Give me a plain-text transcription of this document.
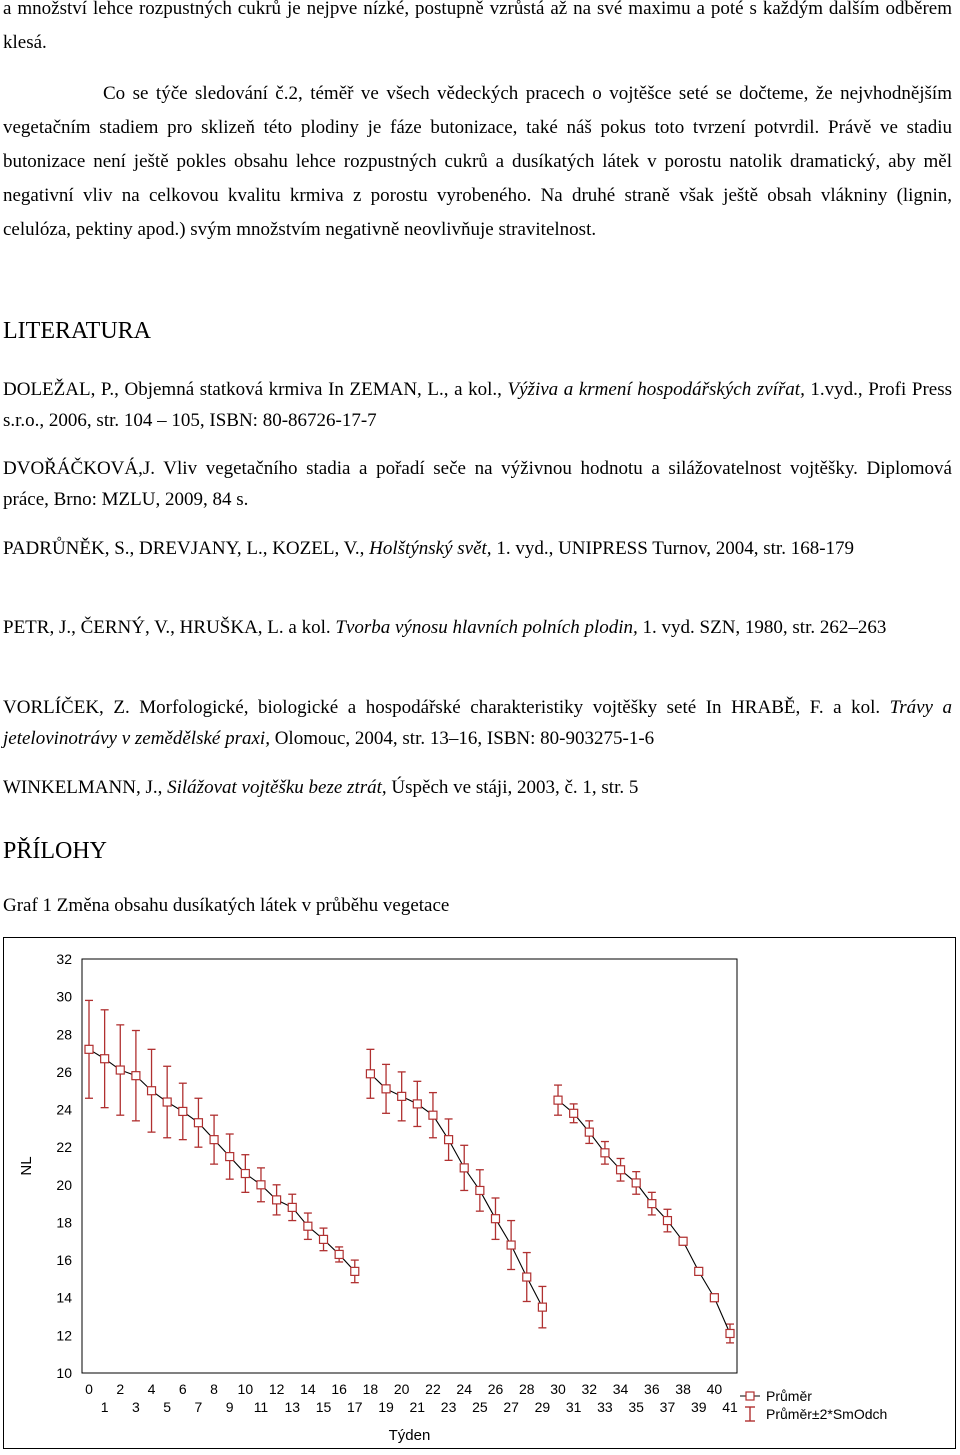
a množství lehce rozpustných cukrů je nejpve nízké, postupně vzrůstá až na své maximu a poté s každým dalším odběrem klesá.

Co se týče sledování č.2, téměř ve všech vědeckých pracech o vojtěšce seté se dočteme, že nejvhodnějším vegetačním stadiem pro sklizeň této plodiny je fáze butonizace, také náš pokus toto tvrzení potvrdil. Právě ve stadiu butonizace není ještě pokles obsahu lehce rozpustných cukrů a dusíkatých látek v porostu natolik dramatický, aby měl negativní vliv na celkovou kvalitu krmiva z porostu vyrobeného. Na druhé straně však ještě obsah vlákniny (lignin, celulóza, pektiny apod.) svým množstvím negativně neovlivňuje stravitelnost.

LITERATURA

DOLEŽAL, P., Objemná statková krmiva In ZEMAN, L., a kol., Výživa a krmení hospodářských zvířat, 1.vyd., Profi Press s.r.o., 2006, str. 104 – 105, ISBN: 80-86726-17-7

DVOŘÁČKOVÁ,J. Vliv vegetačního stadia a pořadí seče na výživnou hodnotu a silážovatelnost vojtěšky. Diplomová práce, Brno: MZLU, 2009, 84 s.

PADRŮNĚK, S., DREVJANY, L., KOZEL, V., Holštýnský svět, 1. vyd., UNIPRESS Turnov, 2004, str. 168-179

PETR, J., ČERNÝ, V., HRUŠKA, L. a kol. Tvorba výnosu hlavních polních plodin, 1. vyd. SZN, 1980, str. 262–263

VORLÍČEK, Z. Morfologické, biologické a hospodářské charakteristiky vojtěšky seté In HRABĚ, F. a kol. Trávy a jetelovinotrávy v zemědělské praxi, Olomouc, 2004, str. 13–16, ISBN: 80-903275-1-6

WINKELMANN, J., Silážovat vojtěšku beze ztrát, Úspěch ve stáji, 2003, č. 1, str. 5

PŘÍLOHY

Graf 1 Změna obsahu dusíkatých látek v průběhu vegetace

10
12
14
16
18
20
22
24
26
28
30
32
NL
0 2 4 6 8 10 12 14 16 18 20 22 24 26 28 30 32 34 36 38 40
1 3 5 7 9 11 13 15 17 19 21 23 25 27 29 31 33 35 37 39 41
Týden
Průměr
Průměr±2*SmOdch
